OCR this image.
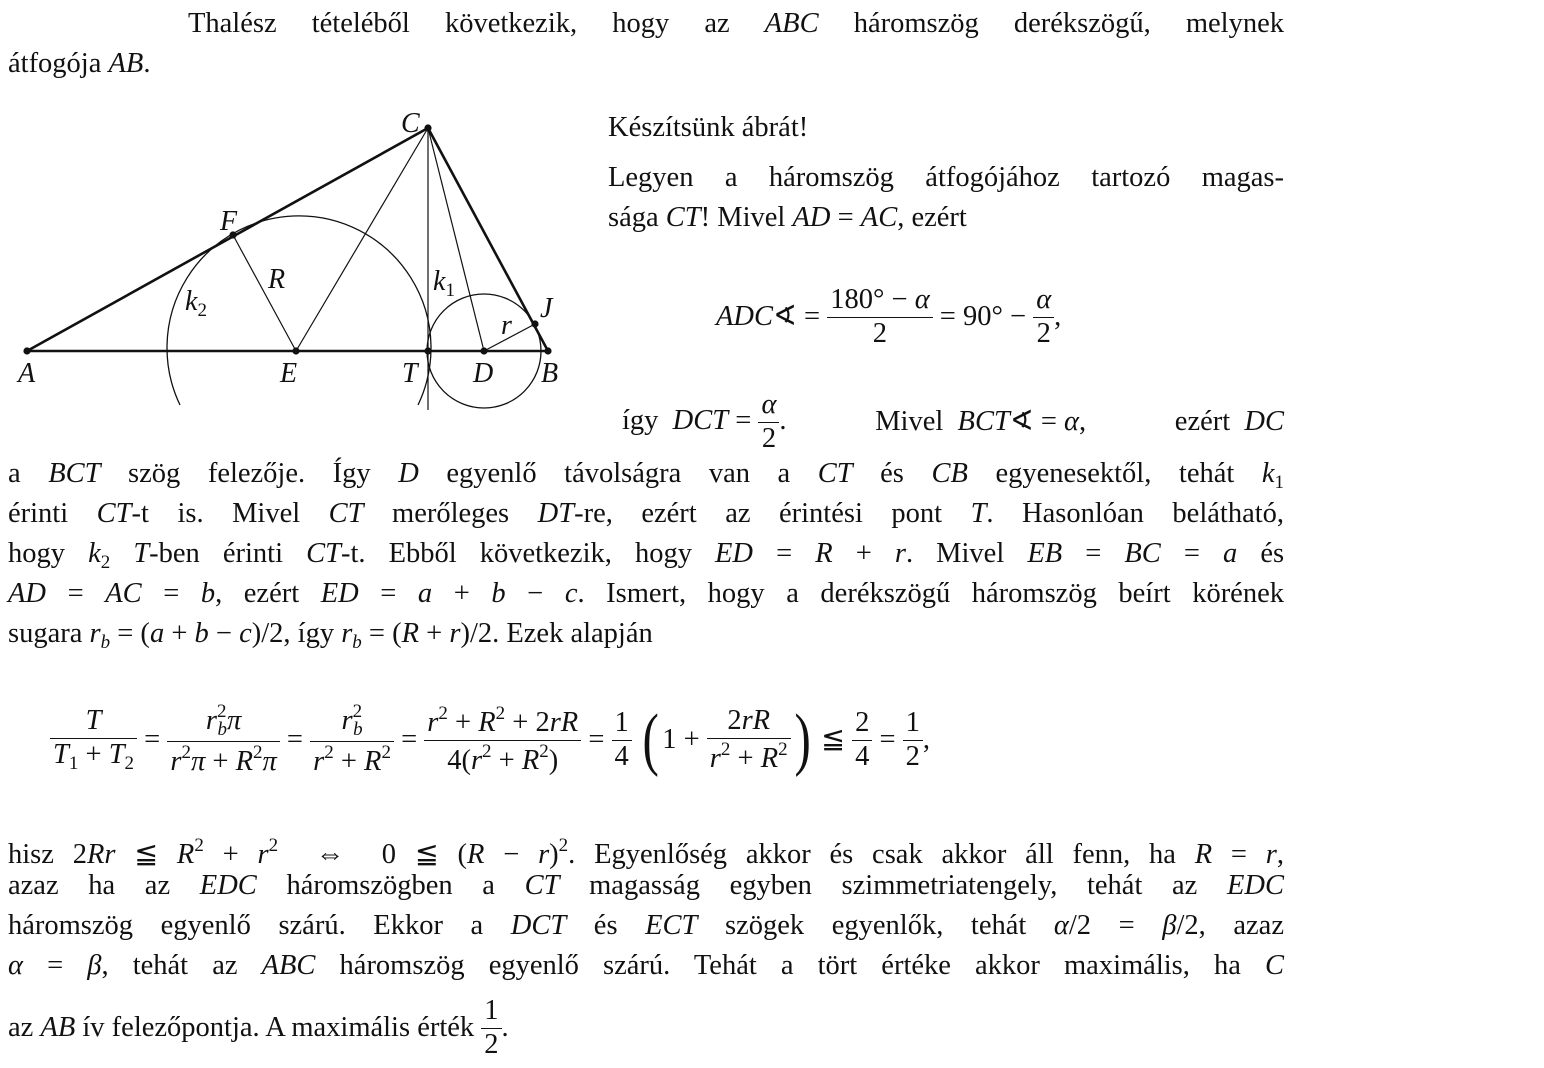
Thalész tételéből következik, hogy az ABC háromszög derékszögű, melynek
átfogója AB.
A	E	T D B
C
F
J
R
r
$k_2$
$k_1$
Készítsünk ábrát!
Legyen a háromszög átfogójához tartozó magas-
sága CT! Mivel AD = AC, ezért
ADC ∢ = $\frac{180^\circ - \alpha}{2} = 90^\circ - \frac{\alpha}{2}$ ,
így  DCT = $\frac{\alpha}{2}$ .	Mivel  BCT∢ = α,	ezért  DC
a BCT szög felezője. Így D egyenlő távolságra van a CT és CB egyenesektől, tehát $k_1$
érinti CT-t is. Mivel CT merőleges DT-re, ezért az érintési pont T. Hasonlóan belátható,
hogy $k_2$ T-ben érinti CT-t. Ebből következik, hogy ED = R + r. Mivel EB = BC = a és
AD = AC = b, ezért ED = a + b − c. Ismert, hogy a derékszögű háromszög beírt körének
sugara $r_b = (a + b - c)/2$, így $r_b = (R + r)/2$. Ezek alapján
$\frac{T}{T_1 + T_2} = \frac{r^2_b\pi}{r^2\pi + R^2\pi} = \frac{r^2_b}{r^2 + R^2} = \frac{r^2 + R^2 + 2rR}{4(r^2 + R^2)} = \frac{1}{4}$
( $1 + \frac{2rR}{r^2 + R^2}$ ) ≦ $\frac{2}{4} = \frac{1}{2}$ ,
hisz 2Rr ≦ $R^2 + r^2$  ⇔  0 ≦ $(R - r)^2$. Egyenlőség akkor és csak akkor áll fenn, ha R = r,
azaz ha az EDC háromszögben a CT magasság egyben szimmetriatengely, tehát az EDC
háromszög egyenlő szárú. Ekkor a DCT és ECT szögek egyenlők, tehát α/2 = β/2, azaz
α = β, tehát az ABC háromszög egyenlő szárú. Tehát a tört értéke akkor maximális, ha C
az AB ív felezőpontja. A maximális érték $\frac{1}{2}$ .
